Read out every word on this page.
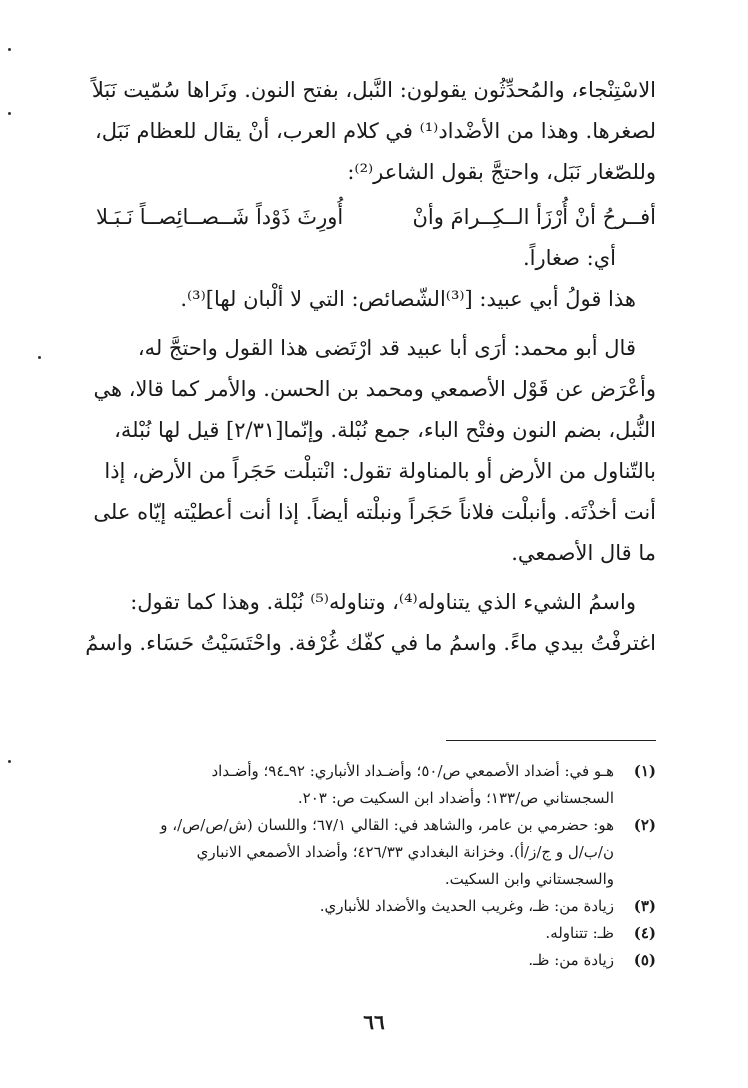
الاسْتِنْجاء، والمُحدِّثُون يقولون: النَّبل، بفتح النون. ونَراها سُمّيت نَبَلاً
لصغرها. وهذا من الأضْداد⁽¹⁾ في كلام العرب، أنْ يقال للعظام نَبَل،
وللصّغار نَبَل، واحتجَّ بقول الشاعر⁽²⁾:

أفــرحُ أنْ أُرْزَأ الــكِــرامَ وأنْ
أُورِثَ ذَوْداً شَــصــائِصــاً نَـبَـلا

أي: صغاراً.

هذا قولُ أبي عبيد: [⁽³⁾الشّصائص: التي لا ألْبان لها]⁽³⁾.

قال أبو محمد: أرَى أبا عبيد قد ارْتَضى هذا القول واحتجَّ له،
وأعْرَض عن قَوْل الأصمعي ومحمد بن الحسن. والأمر كما قالا، هي
النُّبل، بضم النون وفتْح الباء، جمع نُبْلة. وإنّما[٢/٣١] قيل لها نُبْلة،
بالتّناول من الأرض أو بالمناولة تقول: انْتبلْت حَجَراً من الأرض، إذا
أنت أخذْتَه. وأنبلْت فلاناً حَجَراً ونبلْته أيضاً. إذا أنت أعطيْته إيّاه على
ما قال الأصمعي.

واسمُ الشيء الذي يتناوله⁽⁴⁾، وتناوله⁽⁵⁾ نُبْلة. وهذا كما تقول:
اغترفْتُ بيدي ماءً. واسمُ ما في كفّك غُرْفة. واحْتَسَيْتُ حَسَاء. واسمُ

(١)
هـو في: أضداد الأصمعي ص/٥٠؛ وأضـداد الأنباري: ٩٢ـ٩٤؛ وأضـداد
السجستاني ص/١٣٣؛ وأضداد ابن السكيت ص: ٢٠٣.
(٢)
هو: حضرمي بن عامر، والشاهد في: القالي ٦٧/١؛ واللسان (ش/ص/ص/، و
ن/ب/ل و ج/ز/أ). وخزانة البغدادي ٤٢٦/٣٣؛ وأضداد الأصمعي الانباري
والسجستاني وابن السكيت.
(٣)
زيادة من: ظـ، وغريب الحديث والأضداد للأنباري.
(٤)
ظـ: تتناوله.
(٥)
زيادة من: ظـ.
٦٦
